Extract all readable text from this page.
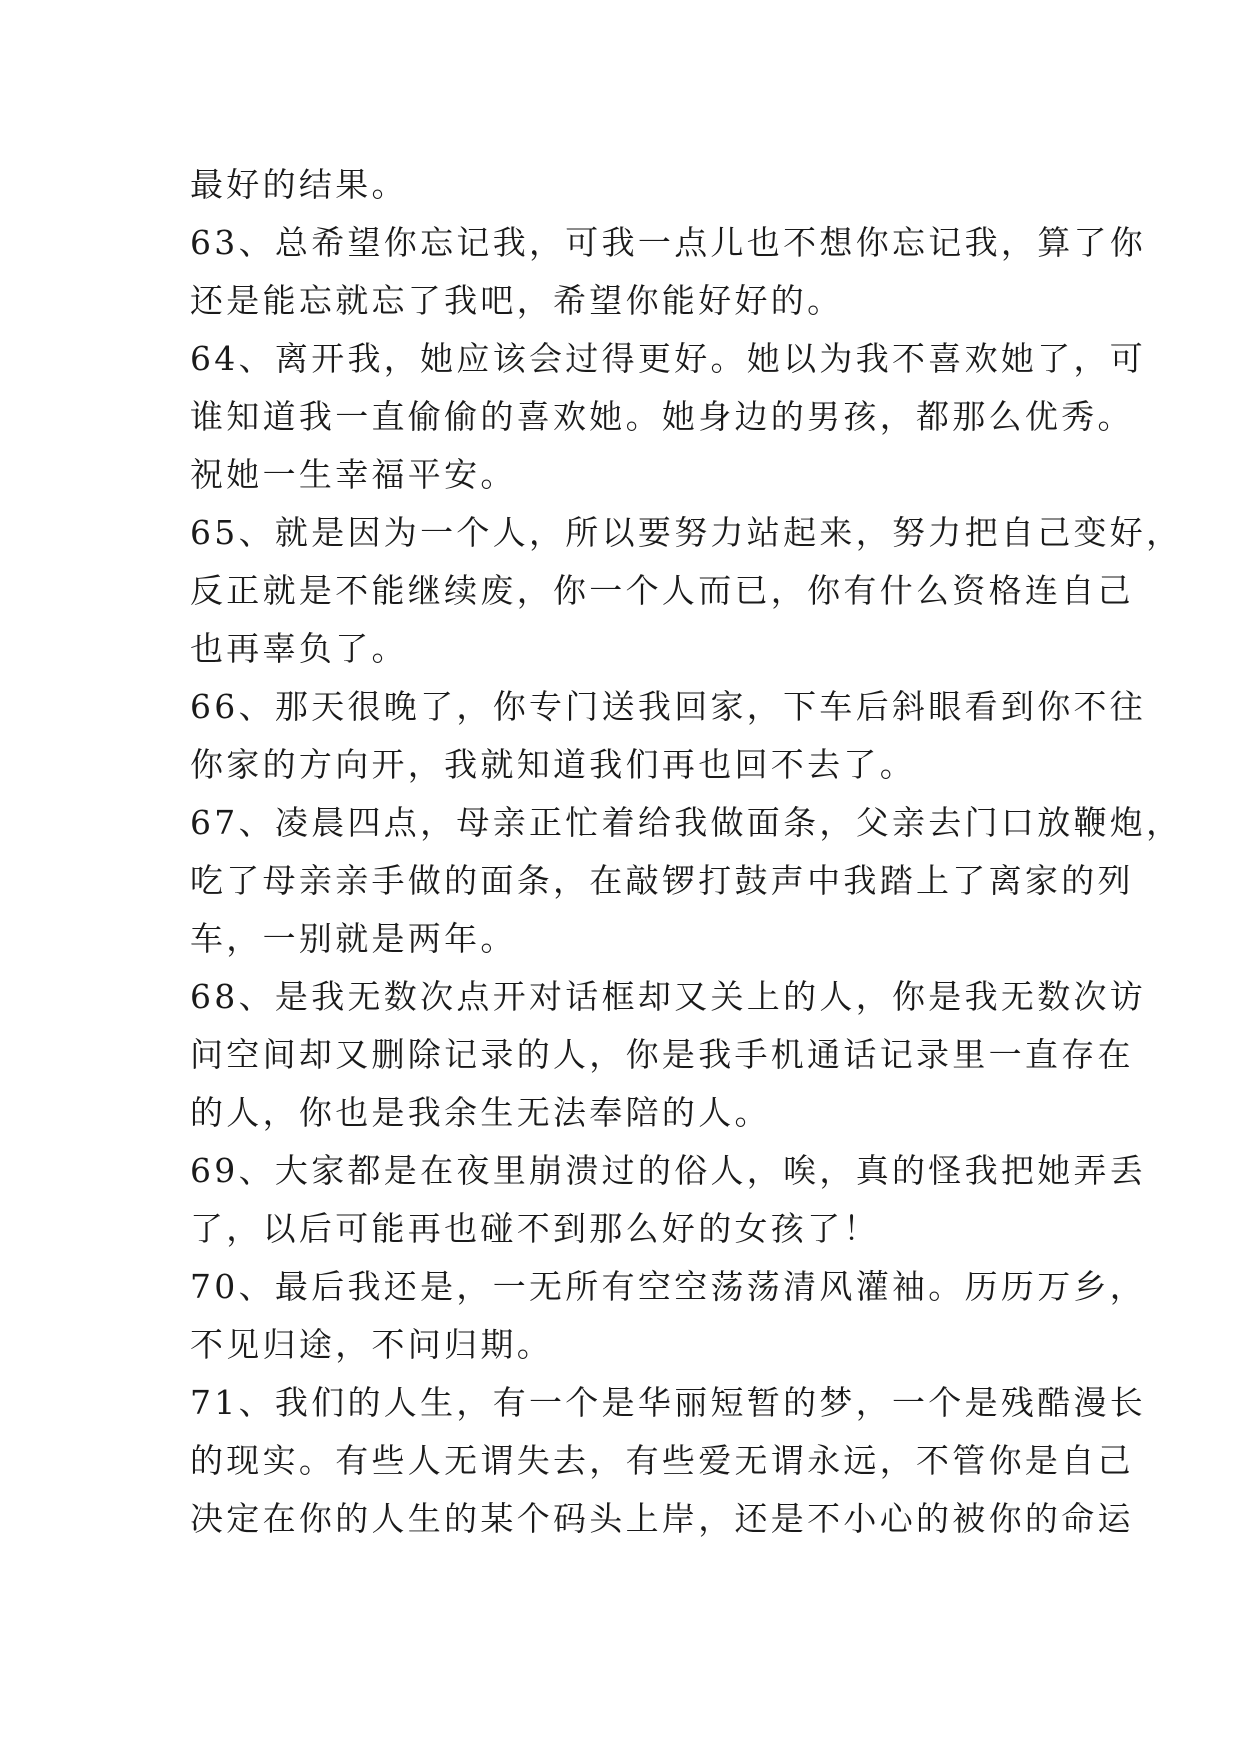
最好的结果。
63、总希望你忘记我，可我一点儿也不想你忘记我，算了你
还是能忘就忘了我吧，希望你能好好的。
64、离开我，她应该会过得更好。她以为我不喜欢她了，可
谁知道我一直偷偷的喜欢她。她身边的男孩，都那么优秀。
祝她一生幸福平安。
65、就是因为一个人，所以要努力站起来，努力把自己变好，
反正就是不能继续废，你一个人而已，你有什么资格连自己
也再辜负了。
66、那天很晚了，你专门送我回家，下车后斜眼看到你不往
你家的方向开，我就知道我们再也回不去了。
67、凌晨四点，母亲正忙着给我做面条，父亲去门口放鞭炮，
吃了母亲亲手做的面条，在敲锣打鼓声中我踏上了离家的列
车，一别就是两年。
68、是我无数次点开对话框却又关上的人，你是我无数次访
问空间却又删除记录的人，你是我手机通话记录里一直存在
的人，你也是我余生无法奉陪的人。
69、大家都是在夜里崩溃过的俗人，唉，真的怪我把她弄丢
了，以后可能再也碰不到那么好的女孩了！
70、最后我还是，一无所有空空荡荡清风灌袖。历历万乡，
不见归途，不问归期。
71、我们的人生，有一个是华丽短暂的梦，一个是残酷漫长
的现实。有些人无谓失去，有些爱无谓永远，不管你是自己
决定在你的人生的某个码头上岸，还是不小心的被你的命运
